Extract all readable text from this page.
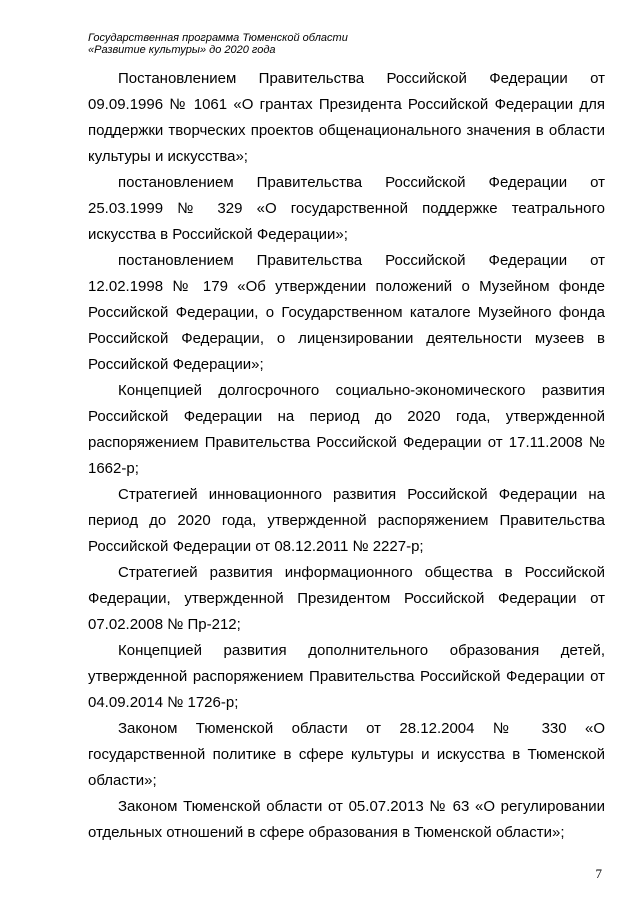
Государственная программа Тюменской области
«Развитие культуры» до 2020 года

Постановлением Правительства Российской Федерации от 09.09.1996 № 1061 «О грантах Президента Российской Федерации для поддержки творческих проектов общенационального значения в области культуры и искусства»;

постановлением Правительства Российской Федерации от 25.03.1999 № 329 «О государственной поддержке театрального искусства в Российской Федерации»;

постановлением Правительства Российской Федерации от 12.02.1998 № 179 «Об утверждении положений о Музейном фонде Российской Федерации, о Государственном каталоге Музейного фонда Российской Федерации, о лицензировании деятельности музеев в Российской Федерации»;

Концепцией долгосрочного социально-экономического развития Российской Федерации на период до 2020 года, утвержденной распоряжением Правительства Российской Федерации от 17.11.2008 № 1662-р;

Стратегией инновационного развития Российской Федерации на период до 2020 года, утвержденной распоряжением Правительства Российской Федерации от 08.12.2011 № 2227-р;

Стратегией развития информационного общества в Российской Федерации, утвержденной Президентом Российской Федерации от 07.02.2008 № Пр-212;

Концепцией развития дополнительного образования детей, утвержденной распоряжением Правительства Российской Федерации от 04.09.2014 № 1726-р;

Законом Тюменской области от 28.12.2004 № 330 «О государственной политике в сфере культуры и искусства в Тюменской области»;

Законом Тюменской области от 05.07.2013 № 63 «О регулировании отдельных отношений в сфере образования в Тюменской области»;

7
